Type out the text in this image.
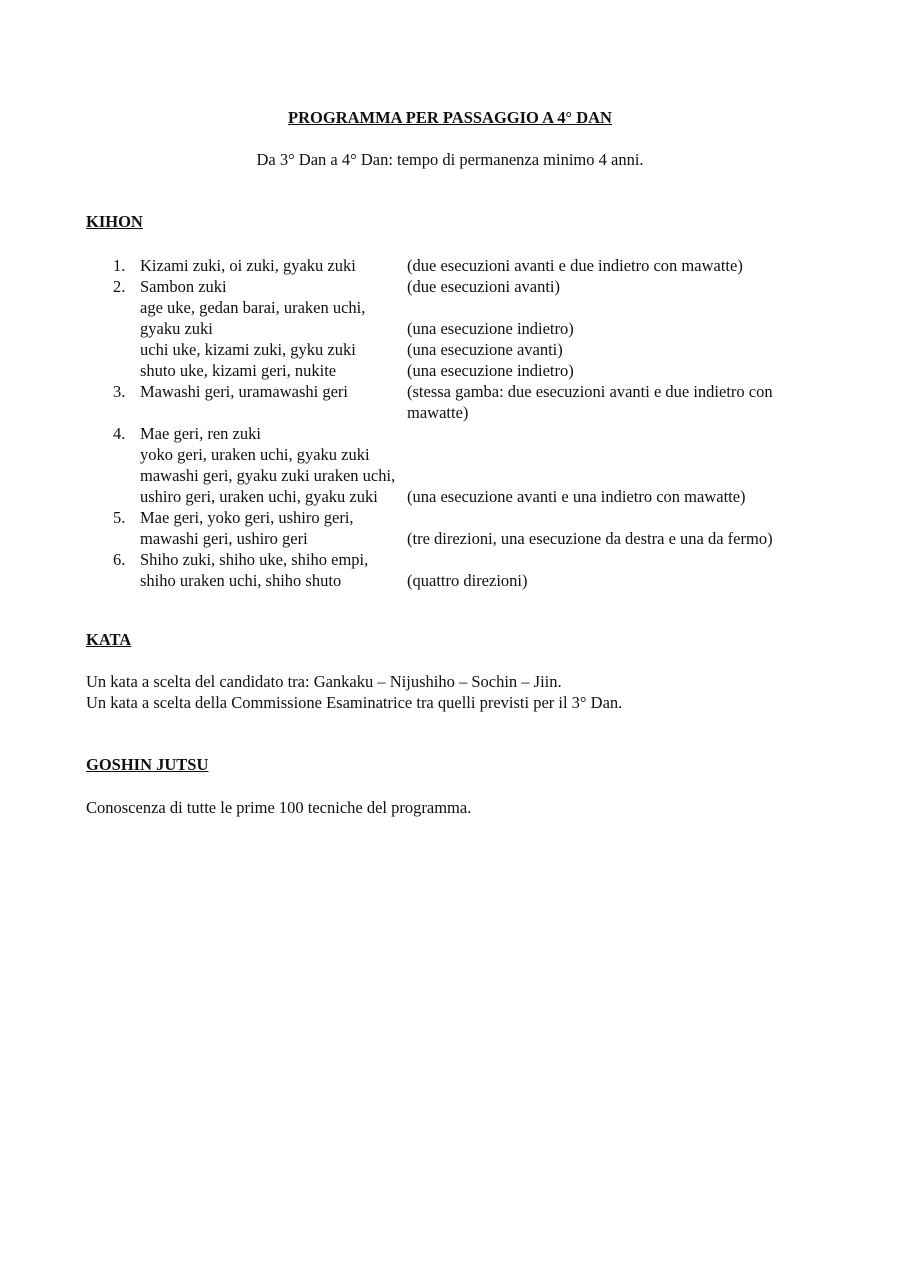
PROGRAMMA PER PASSAGGIO A 4° DAN
Da 3° Dan a 4° Dan: tempo di permanenza minimo 4 anni.
KIHON
1. Kizami zuki, oi zuki, gyaku zuki	(due esecuzioni avanti e due indietro con mawatte)
2. Sambon zuki	(due esecuzioni avanti)
age uke, gedan barai, uraken uchi,
gyaku zuki	(una esecuzione indietro)
uchi uke, kizami zuki, gyku zuki	(una esecuzione avanti)
shuto uke, kizami geri, nukite	(una esecuzione indietro)
3. Mawashi geri, uramawashi geri	(stessa gamba: due esecuzioni avanti e due indietro con
mawatte)
4. Mae geri, ren zuki
yoko geri, uraken uchi, gyaku zuki
mawashi geri, gyaku zuki uraken uchi,
ushiro geri, uraken uchi, gyaku zuki (una esecuzione avanti e una indietro con mawatte)
5. Mae geri, yoko geri, ushiro geri,
mawashi geri, ushiro geri	(tre direzioni, una esecuzione da destra e una da fermo)
6. Shiho zuki, shiho uke, shiho empi,
shiho uraken uchi, shiho shuto	(quattro direzioni)
KATA
Un kata a scelta del candidato tra: Gankaku – Nijushiho – Sochin – Jiin.
Un kata a scelta della Commissione Esaminatrice tra quelli previsti per il 3° Dan.
GOSHIN JUTSU
Conoscenza di tutte le prime 100 tecniche del programma.
